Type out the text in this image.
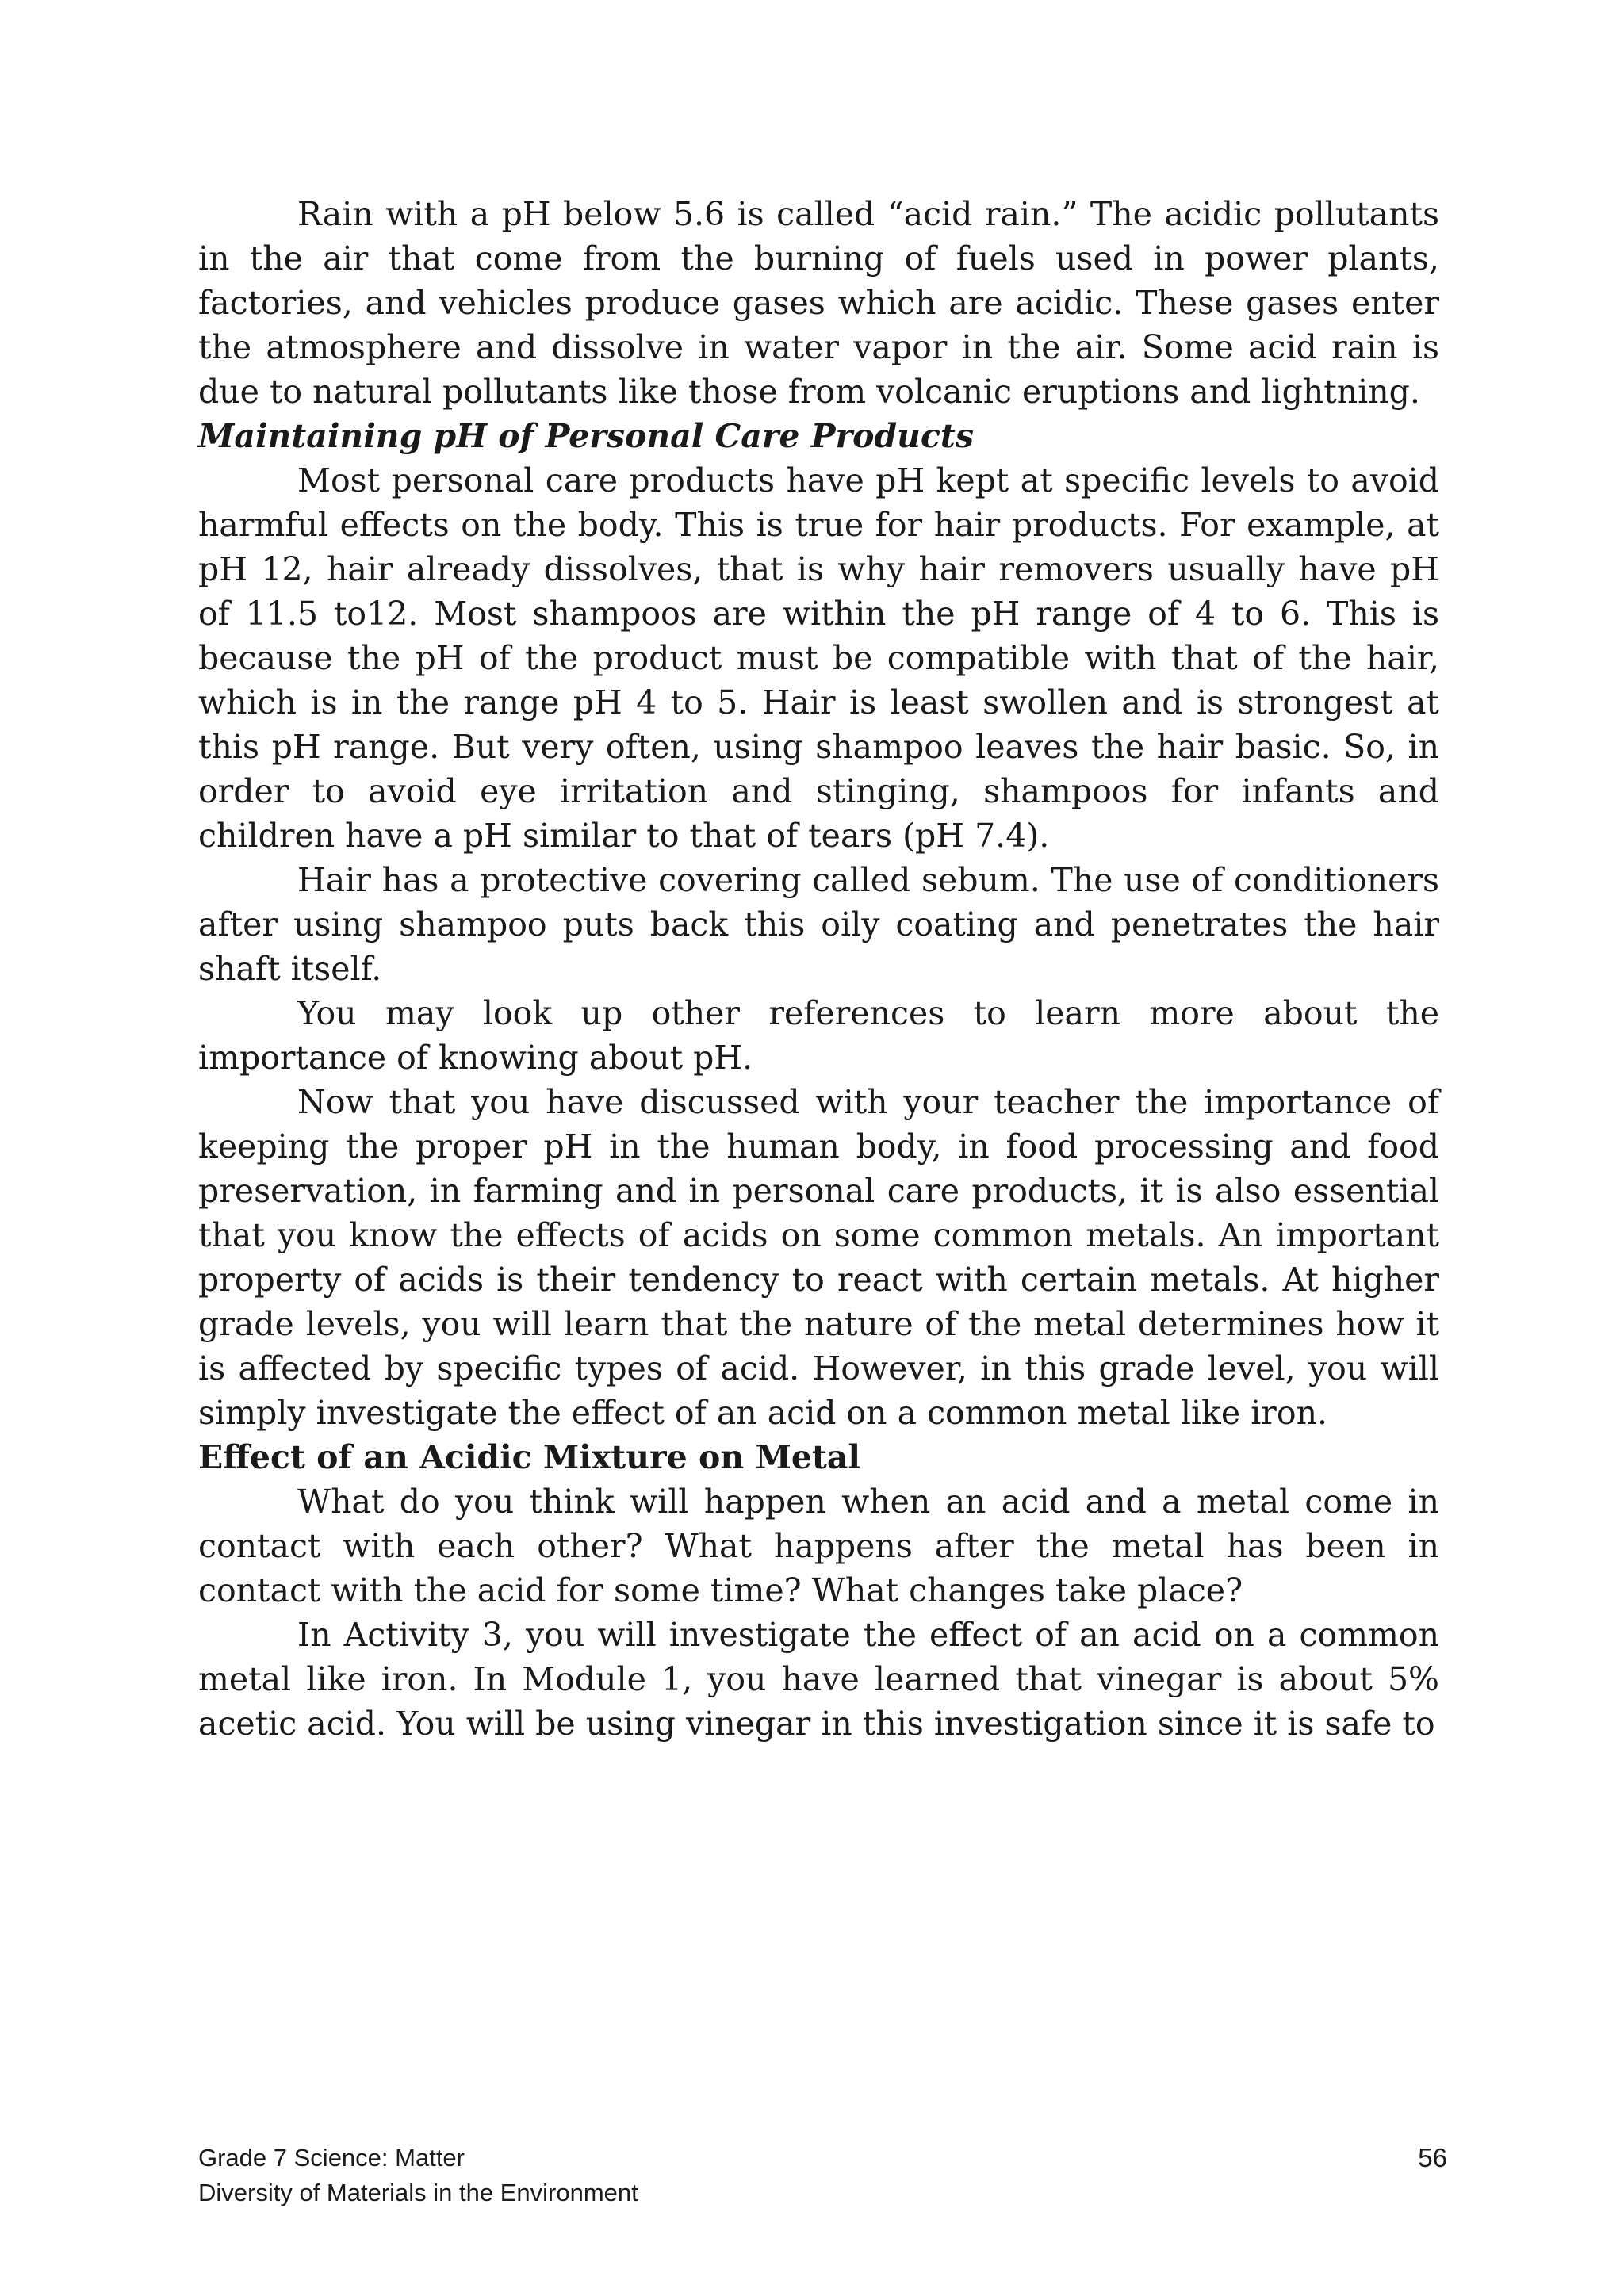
Rain with a pH below 5.6 is called “acid rain.” The acidic pollutants in the air that come from the burning of fuels used in power plants, factories, and vehicles produce gases which are acidic. These gases enter the atmosphere and dissolve in water vapor in the air. Some acid rain is due to natural pollutants like those from volcanic eruptions and lightning.

Maintaining pH of Personal Care Products

Most personal care products have pH kept at specific levels to avoid harmful effects on the body. This is true for hair products. For example, at pH 12, hair already dissolves, that is why hair removers usually have pH of 11.5 to12. Most shampoos are within the pH range of 4 to 6. This is because the pH of the product must be compatible with that of the hair, which is in the range pH 4 to 5. Hair is least swollen and is strongest at this pH range. But very often, using shampoo leaves the hair basic. So, in order to avoid eye irritation and stinging, shampoos for infants and children have a pH similar to that of tears (pH 7.4).

Hair has a protective covering called sebum. The use of conditioners after using shampoo puts back this oily coating and penetrates the hair shaft itself.

You may look up other references to learn more about the importance of knowing about pH.

Now that you have discussed with your teacher the importance of keeping the proper pH in the human body, in food processing and food preservation, in farming and in personal care products, it is also essential that you know the effects of acids on some common metals. An important property of acids is their tendency to react with certain metals. At higher grade levels, you will learn that the nature of the metal determines how it is affected by specific types of acid. However, in this grade level, you will simply investigate the effect of an acid on a common metal like iron.

Effect of an Acidic Mixture on Metal

What do you think will happen when an acid and a metal come in contact with each other? What happens after the metal has been in contact with the acid for some time? What changes take place?

In Activity 3, you will investigate the effect of an acid on a common metal like iron. In Module 1, you have learned that vinegar is about 5% acetic acid. You will be using vinegar in this investigation since it is safe to

Grade 7 Science: Matter
Diversity of Materials in the Environment
56
